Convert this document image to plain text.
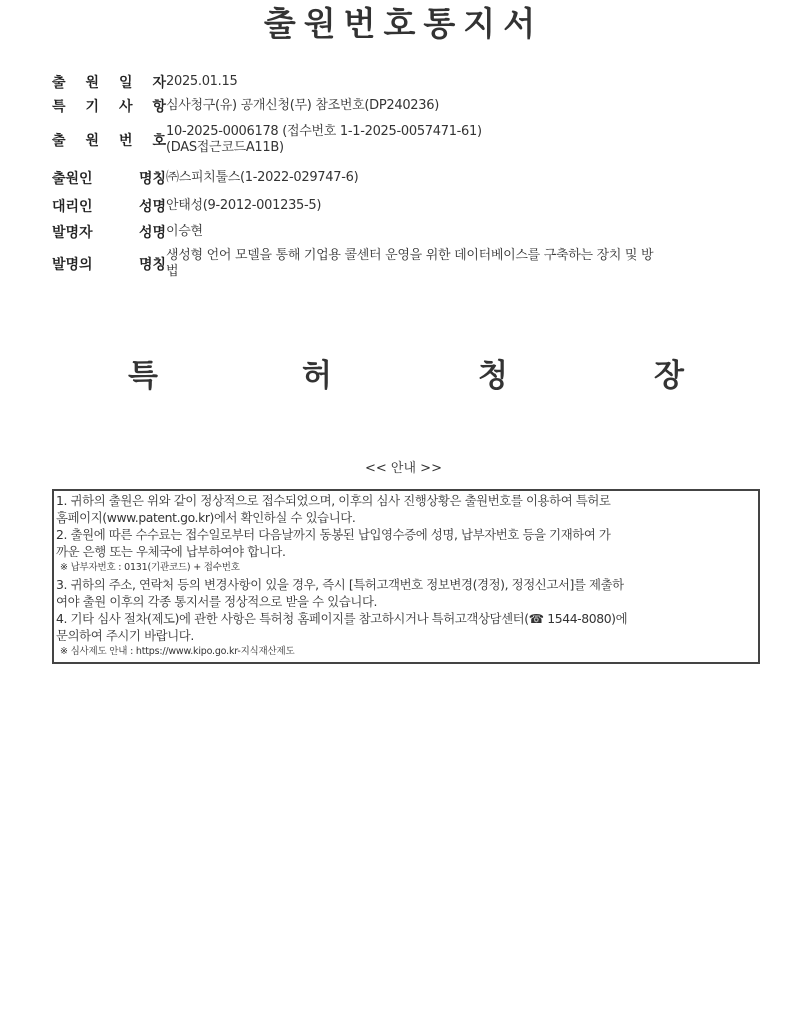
출원번호통지서
출 원 일 자 2025.01.15
특 기 사 항 심사청구(유) 공개신청(무) 참조번호(DP240236)
출 원 번 호
10-2025-0006178 (접수번호 1-1-2025-0057471-61)
(DAS접근코드A11B)
출원인	명칭 ㈜스피치툴스(1-2022-029747-6)
대리인	성명 안태성(9-2012-001235-5)
발명자	성명 이승현
발명의	명칭
생성형 언어 모델을 통해 기업용 콜센터 운영을 위한 데이터베이스를 구축하는 장치 및 방
법
특	허	청	장
<< 안내 >>

1. 귀하의 출원은 위와 같이 정상적으로 접수되었으며, 이후의 심사 진행상황은 출원번호를 이용하여 특허로

홈페이지(www.patent.go.kr)에서 확인하실 수 있습니다.

2. 출원에 따른 수수료는 접수일로부터 다음날까지 동봉된 납입영수증에 성명, 납부자번호 등을 기재하여 가

까운 은행 또는 우체국에 납부하여야 합니다.

※ 납부자번호 : 0131(기관코드) + 접수번호

3. 귀하의 주소, 연락처 등의 변경사항이 있을 경우, 즉시 [특허고객번호 정보변경(경정), 정정신고서]를 제출하

여야 출원 이후의 각종 통지서를 정상적으로 받을 수 있습니다.

4. 기타 심사 절차(제도)에 관한 사항은 특허청 홈페이지를 참고하시거나 특허고객상담센터(☎ 1544-8080)에

문의하여 주시기 바랍니다.

※ 심사제도 안내 : https://www.kipo.go.kr-지식재산제도
